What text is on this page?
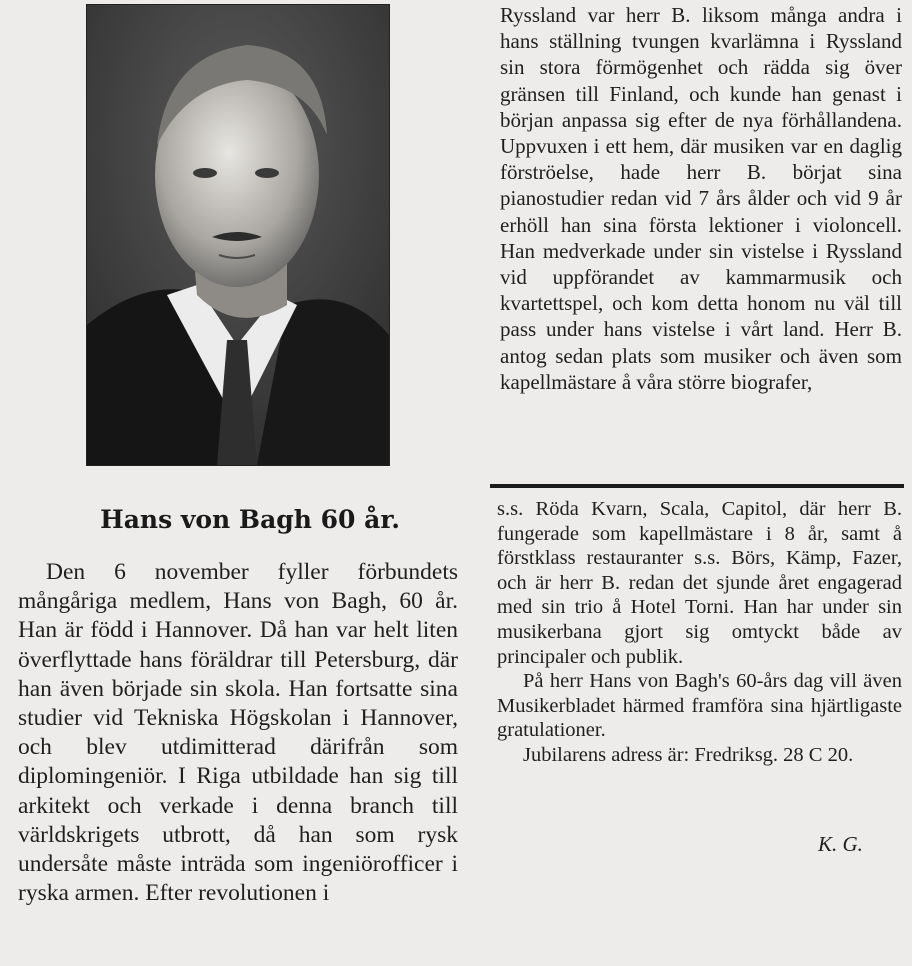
Hans von Bagh 60 år.

Den 6 november fyller förbundets mångåriga medlem, Hans von Bagh, 60 år. Han är född i Hannover. Då han var helt liten överflyttade hans föräldrar till Petersburg, där han även började sin skola. Han fortsatte sina studier vid Tekniska Högskolan i Hannover, och blev utdimitterad därifrån som diplomingeniör. I Riga utbildade han sig till arkitekt och verkade i denna branch till världskrigets utbrott, då han som rysk undersåte måste inträda som ingeniörofficer i ryska armen. Efter revolutionen i

Ryssland var herr B. liksom många andra i hans ställning tvungen kvarlämna i Ryssland sin stora förmögenhet och rädda sig över gränsen till Finland, och kunde han genast i början anpassa sig efter de nya förhållandena. Uppvuxen i ett hem, där musiken var en daglig förströelse, hade herr B. börjat sina pianostudier redan vid 7 års ålder och vid 9 år erhöll han sina första lektioner i violoncell. Han medverkade under sin vistelse i Ryssland vid uppförandet av kammarmusik och kvartettspel, och kom detta honom nu väl till pass under hans vistelse i vårt land. Herr B. antog sedan plats som musiker och även som kapellmästare å våra större biografer,

s.s. Röda Kvarn, Scala, Capitol, där herr B. fungerade som kapellmästare i 8 år, samt å förstklass restauranter s.s. Börs, Kämp, Fazer, och är herr B. redan det sjunde året engagerad med sin trio å Hotel Torni. Han har under sin musikerbana gjort sig omtyckt både av principaler och publik.

På herr Hans von Bagh's 60-års dag vill även Musikerbladet härmed framföra sina hjärtligaste gratulationer.

Jubilarens adress är: Fredriksg. 28 C 20.

K. G.
